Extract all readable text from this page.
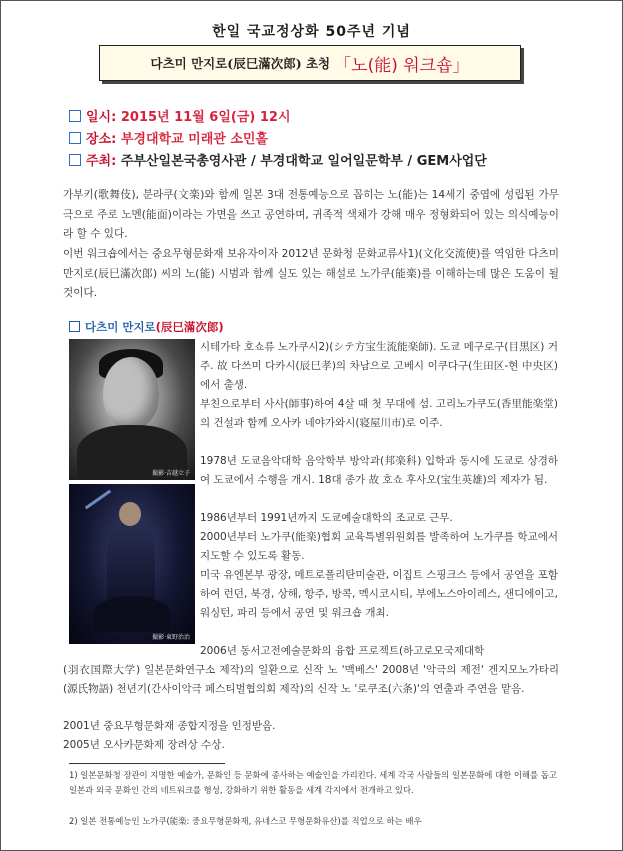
한일 국교정상화 50주년 기념
다츠미 만지로(辰巳滿次郎) 초청 「노(能) 워크숍」
일시: 2015년 11월 6일(금) 12시
장소: 부경대학교 미래관 소민홀
주최: 주부산일본국총영사관 / 부경대학교 일어일문학부 / GEM사업단
가부키(歌舞伎), 분라쿠(文楽)와 함께 일본 3대 전통예능으로 꼽히는 노(能)는 14세기 중엽에 성립된 가무극으로 주로 노멘(能面)이라는 가면을 쓰고 공연하며, 귀족적 색채가 강해 매우 정형화되어 있는 의식예능이라 할 수 있다.
이번 워크숍에서는 중요무형문화재 보유자이자 2012년 문화청 문화교류사1)(文化交流使)를 역임한 다츠미 만지로(辰巳滿次郎) 씨의 노(能) 시범과 함께 실도 있는 해설로 노가쿠(能楽)를 이해하는데 많은 도움이 될 것이다.
다츠미 만지로(辰巳滿次郎)
撮影·吉越立子
撮影·東野治治
시테가타 호쇼류 노가쿠시2)(シテ方宝生流能楽師). 도쿄 메구로구(目黒区) 거주. 故 다쓰미 다카시(辰巳孝)의 차남으로 고베시 이쿠다구(生田区-현 中央区)에서 출생.
부친으로부터 사사(師事)하여 4살 때 첫 무대에 섬. 고리노가쿠도(香里能楽堂)의 건설과 함께 오사카 네야가와시(寝屋川市)로 이주.
1978년 도쿄음악대학 음악학부 방악과(邦楽科) 입학과 동시에 도쿄로 상경하여 도쿄에서 수행을 개시. 18대 종가 故 호쇼 후사오(宝生英雄)의 제자가 됨.
1986년부터 1991년까지 도쿄예술대학의 조교로 근무.
2000년부터 노가쿠(能楽)협회 교육특별위원회를 발족하여 노가쿠를 학교에서 지도할 수 있도록 활동.
미국 유엔본부 광장, 메트로폴리탄미술관, 이집트 스핑크스 등에서 공연을 포함하여 런던, 북경, 상해, 항주, 방콕, 멕시코시티, 부에노스아이레스, 샌디에이고, 워싱턴, 파리 등에서 공연 및 워크숍 개최.
2006년 동서고전예술문화의 융합 프로젝트(하고로모국제대학
(羽衣国際大学) 일본문화연구소 제작)의 일환으로 신작 노 '맥베스' 2008년 '악극의 제전' 겐지모노가타리(源氏物語) 천년기(간사이악극 페스티벌협의회 제작)의 신작 노 '로쿠조(六条)'의 연출과 주연을 맡음.
2001년 중요무형문화재 종합지정을 인정받음.
2005년 오사카문화제 장려상 수상.
1) 일본문화청 장관이 지명한 예술가, 문화인 등 문화에 종사하는 예술인을 가리킨다. 세계 각국 사람들의 일본문화에 대한 이해를 돕고 일본과 외국 문화인 간의 네트워크를 형성, 강화하기 위한 활동을 세계 각지에서 전개하고 있다.
2) 일본 전통예능인 노가쿠(能楽: 중요무형문화재, 유네스코 무형문화유산)를 직업으로 하는 배우
